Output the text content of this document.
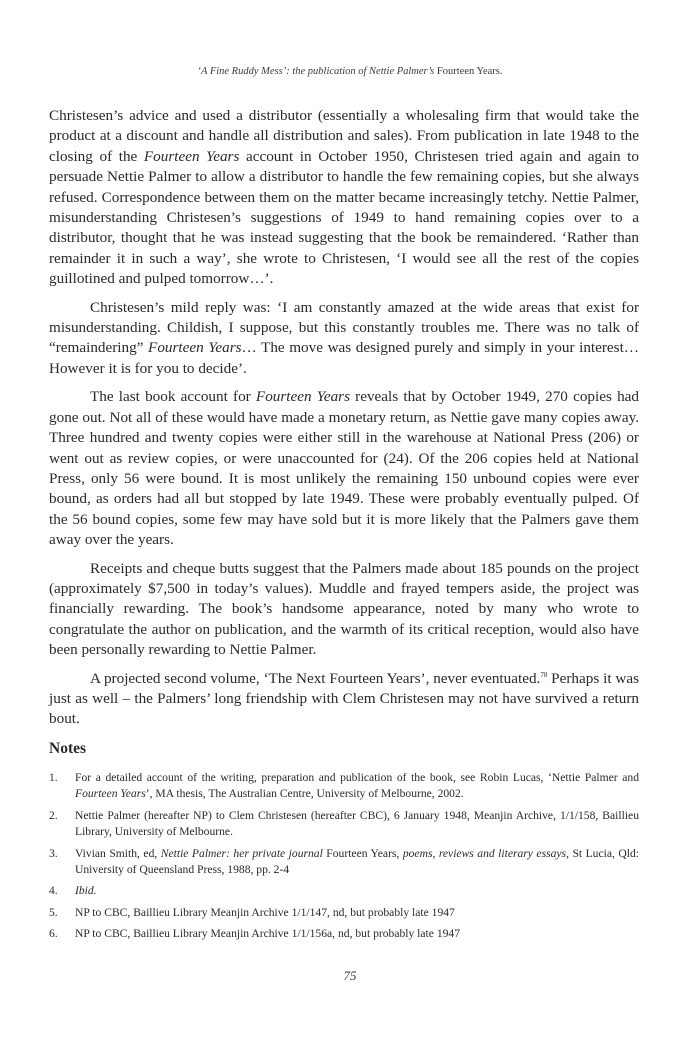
‘A Fine Ruddy Mess’: the publication of Nettie Palmer’s Fourteen Years.

Christesen’s advice and used a distributor (essentially a wholesaling firm that would take the product at a discount and handle all distribution and sales). From publication in late 1948 to the closing of the Fourteen Years account in October 1950, Christesen tried again and again to persuade Nettie Palmer to allow a distributor to handle the few remaining copies, but she always refused. Correspondence between them on the matter became increasingly tetchy. Nettie Palmer, misunderstanding Christesen’s suggestions of 1949 to hand remaining copies over to a distributor, thought that he was instead suggesting that the book be remaindered. ‘Rather than remainder it in such a way’, she wrote to Christesen, ‘I would see all the rest of the copies guillotined and pulped tomorrow…’.

Christesen’s mild reply was: ‘I am constantly amazed at the wide areas that exist for misunderstanding. Childish, I suppose, but this constantly troubles me. There was no talk of “remaindering” Fourteen Years… The move was designed purely and simply in your interest… However it is for you to decide’.

The last book account for Fourteen Years reveals that by October 1949, 270 copies had gone out. Not all of these would have made a monetary return, as Nettie gave many copies away. Three hundred and twenty copies were either still in the warehouse at National Press (206) or went out as review copies, or were unaccounted for (24). Of the 206 copies held at National Press, only 56 were bound. It is most unlikely the remaining 150 unbound copies were ever bound, as orders had all but stopped by late 1949. These were probably eventually pulped. Of the 56 bound copies, some few may have sold but it is more likely that the Palmers gave them away over the years.

Receipts and cheque butts suggest that the Palmers made about 185 pounds on the project (approximately $7,500 in today’s values). Muddle and frayed tempers aside, the project was financially rewarding. The book’s handsome appearance, noted by many who wrote to congratulate the author on publication, and the warmth of its critical reception, would also have been personally rewarding to Nettie Palmer.

A projected second volume, ‘The Next Fourteen Years’, never eventuated.$^{78}$ Perhaps it was just as well – the Palmers’ long friendship with Clem Christesen may not have survived a return bout.

Notes
1.	For a detailed account of the writing, preparation and publication of the book, see Robin Lucas, ‘Nettie Palmer and Fourteen Years’, MA thesis, The Australian Centre, University of Melbourne, 2002.
2.	Nettie Palmer (hereafter NP) to Clem Christesen (hereafter CBC), 6 January 1948, Meanjin Archive, 1/1/158, Baillieu Library, University of Melbourne.
3.	Vivian Smith, ed, Nettie Palmer: her private journal Fourteen Years, poems, reviews and literary essays, St Lucia, Qld: University of Queensland Press, 1988, pp. 2-4
4.	Ibid.
5.	NP to CBC, Baillieu Library Meanjin Archive 1/1/147, nd, but probably late 1947
6.	NP to CBC, Baillieu Library Meanjin Archive 1/1/156a, nd, but probably late 1947
75
